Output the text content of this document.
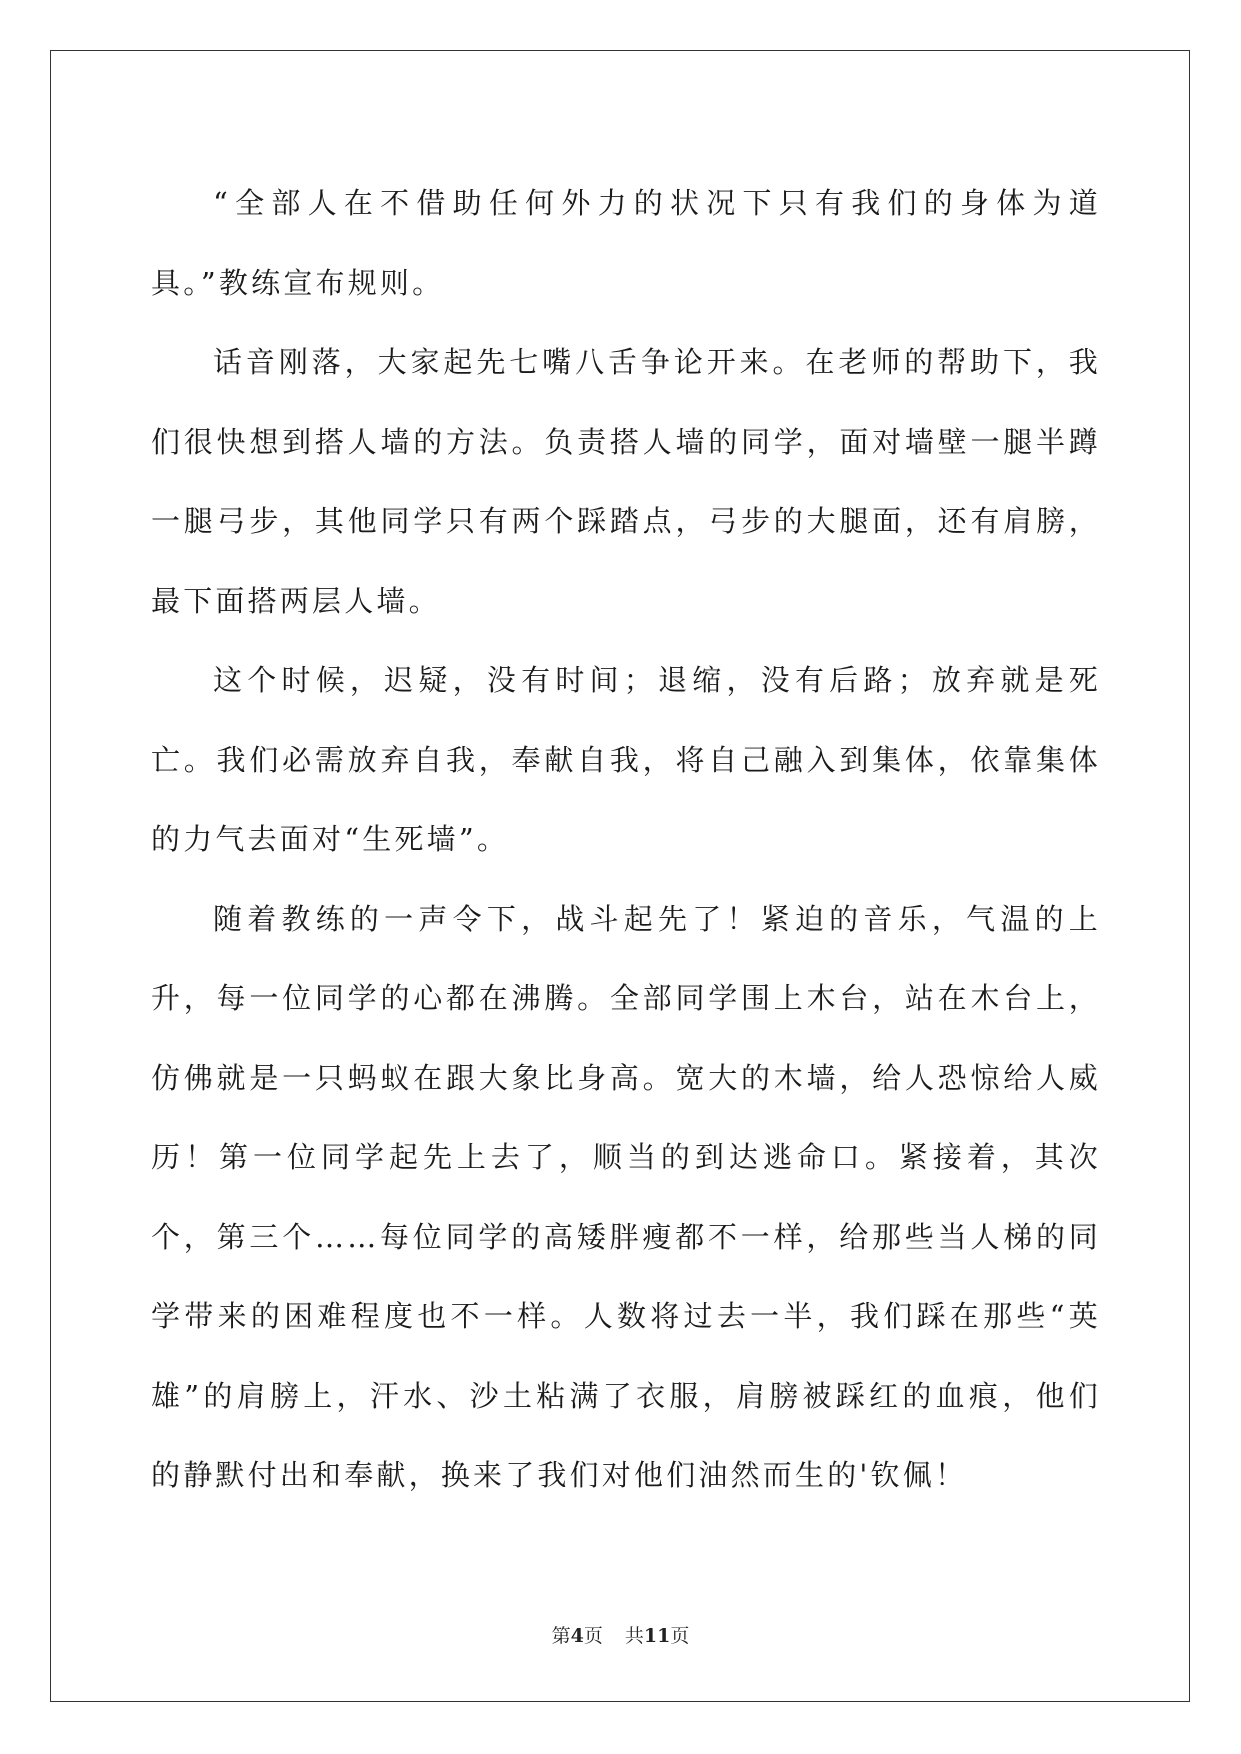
“全部人在不借助任何外力的状况下只有我们的身体为道具。”教练宣布规则。

话音刚落，大家起先七嘴八舌争论开来。在老师的帮助下，我们很快想到搭人墙的方法。负责搭人墙的同学，面对墙壁一腿半蹲一腿弓步，其他同学只有两个踩踏点，弓步的大腿面，还有肩膀，最下面搭两层人墙。

这个时候，迟疑，没有时间；退缩，没有后路；放弃就是死亡。我们必需放弃自我，奉献自我，将自己融入到集体，依靠集体的力气去面对“生死墙”。

随着教练的一声令下，战斗起先了！紧迫的音乐，气温的上升，每一位同学的心都在沸腾。全部同学围上木台，站在木台上，仿佛就是一只蚂蚁在跟大象比身高。宽大的木墙，给人恐惊给人威历！第一位同学起先上去了，顺当的到达逃命口。紧接着，其次个，第三个……每位同学的高矮胖瘦都不一样，给那些当人梯的同学带来的困难程度也不一样。人数将过去一半，我们踩在那些“英雄”的肩膀上，汗水、沙土粘满了衣服，肩膀被踩红的血痕，他们的静默付出和奉献，换来了我们对他们油然而生的'钦佩！

第4页 共11页
